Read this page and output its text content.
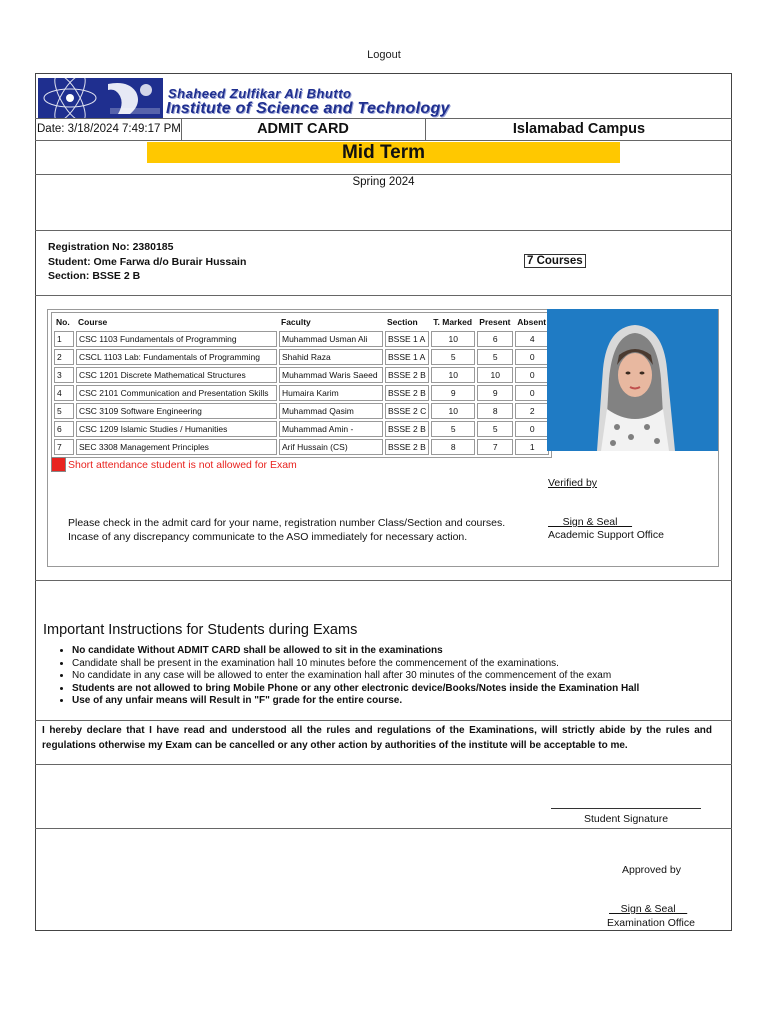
Logout
Shaheed Zulfikar Ali Bhutto
Institute of Science and Technology
Date: 3/18/2024 7:49:17 PM	ADMIT CARD	Islamabad Campus
Mid Term
Spring 2024
Registration No: 2380185
Student: Ome Farwa d/o Burair Hussain
Section: BSSE 2 B
7 Courses
No.	Course	Faculty	Section	T. Marked	Present	Absent
1	CSC 1103 Fundamentals of Programming	Muhammad Usman Ali	BSSE 1 A	10	6	4
2	CSCL 1103 Lab: Fundamentals of Programming	Shahid Raza	BSSE 1 A	5	5	0
3	CSC 1201 Discrete Mathematical Structures	Muhammad Waris Saeed	BSSE 2 B	10	10	0
4	CSC 2101 Communication and Presentation Skills	Humaira Karim	BSSE 2 B	9	9	0
5	CSC 3109 Software Engineering	Muhammad Qasim	BSSE 2 C	10	8	2
6	CSC 1209 Islamic Studies / Humanities	Muhammad Amin -	BSSE 2 B	5	5	0
7	SEC 3308 Management Principles	Arif Hussain (CS)	BSSE 2 B	8	7	1
Short attendance student is not allowed for Exam
Verified by
Please check in the admit card for your name, registration number Class/Section and courses.
Incase of any discrepancy communicate to the ASO immediately for necessary action.
Sign & Seal
Academic Support Office
Important Instructions for Students during Exams
• No candidate Without ADMIT CARD shall be allowed to sit in the examinations
• Candidate shall be present in the examination hall 10 minutes before the commencement of the examinations.
• No candidate in any case will be allowed to enter the examination hall after 30 minutes of the commencement of the exam
• Students are not allowed to bring Mobile Phone or any other electronic device/Books/Notes inside the Examination Hall
• Use of any unfair means will Result in "F" grade for the entire course.
I hereby declare that I have read and understood all the rules and regulations of the Examinations, will strictly abide by the rules and regulations otherwise my Exam can be cancelled or any other action by authorities of the institute will be acceptable to me.
Student Signature
Approved by
Sign & Seal
Examination Office
